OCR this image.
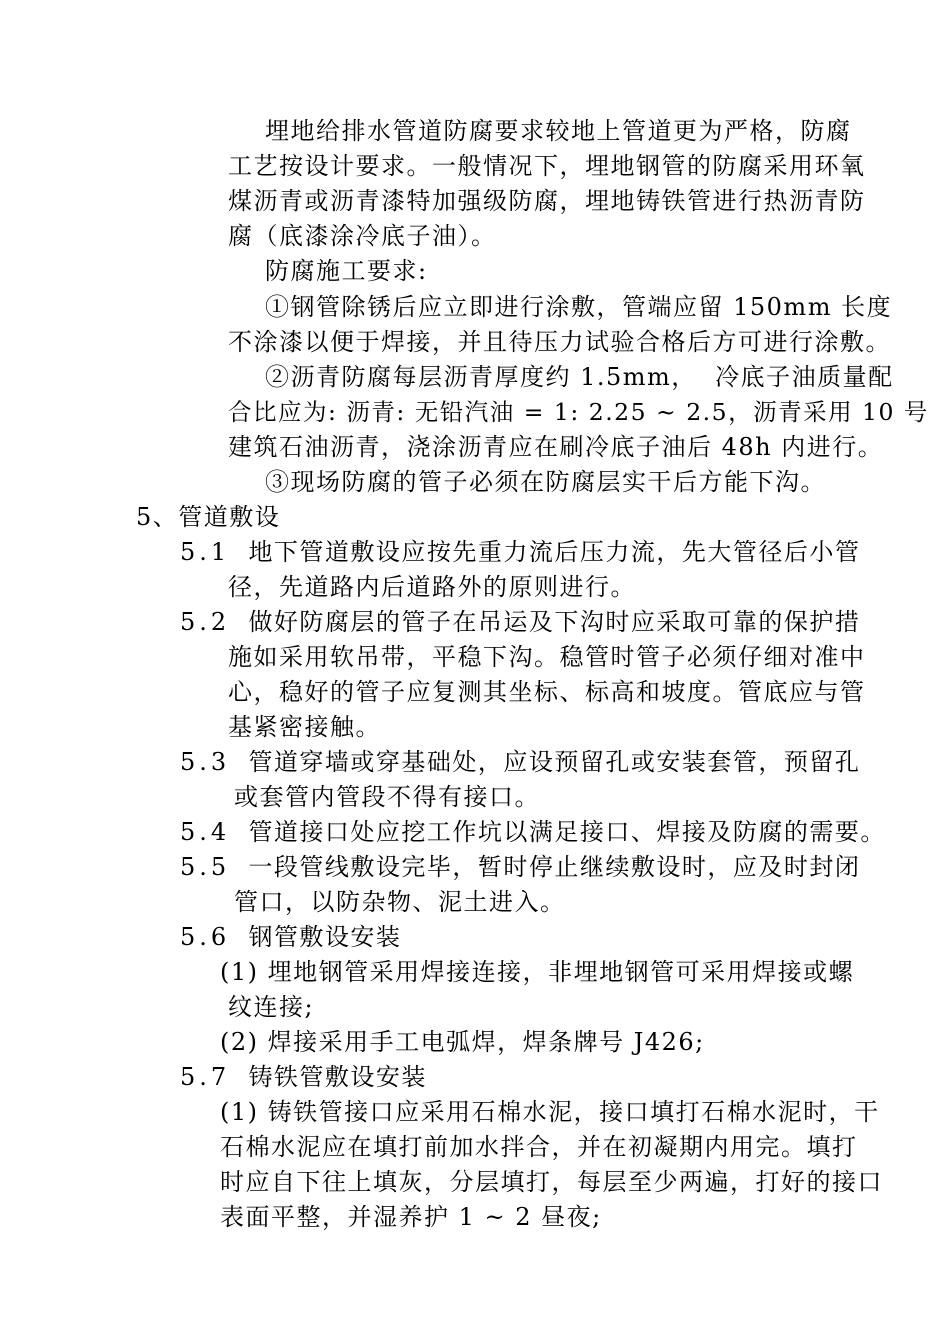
埋地给排水管道防腐要求较地上管道更为严格，防腐
工艺按设计要求。一般情况下，埋地钢管的防腐采用环氧
煤沥青或沥青漆特加强级防腐，埋地铸铁管进行热沥青防
腐（底漆涂冷底子油）。
防腐施工要求:
①钢管除锈后应立即进行涂敷，管端应留 150mm 长度
不涂漆以便于焊接，并且待压力试验合格后方可进行涂敷。
②沥青防腐每层沥青厚度约 1.5mm，  冷底子油质量配
合比应为: 沥青: 无铅汽油 = 1: 2.25 ~ 2.5，沥青采用 10 号
建筑石油沥青，浇涂沥青应在刷冷底子油后 48h 内进行。
③现场防腐的管子必须在防腐层实干后方能下沟。
5、管道敷设
5.1 地下管道敷设应按先重力流后压力流，先大管径后小管
径，先道路内后道路外的原则进行。
5.2 做好防腐层的管子在吊运及下沟时应采取可靠的保护措
施如采用软吊带，平稳下沟。稳管时管子必须仔细对准中
心，稳好的管子应复测其坐标、标高和坡度。管底应与管
基紧密接触。
5.3 管道穿墙或穿基础处，应设预留孔或安装套管，预留孔
或套管内管段不得有接口。
5.4 管道接口处应挖工作坑以满足接口、焊接及防腐的需要。
5.5 一段管线敷设完毕，暂时停止继续敷设时，应及时封闭
管口，以防杂物、泥土进入。
5.6 钢管敷设安装
(1) 埋地钢管采用焊接连接，非埋地钢管可采用焊接或螺
纹连接;
(2) 焊接采用手工电弧焊，焊条牌号 J426;
5.7 铸铁管敷设安装
(1) 铸铁管接口应采用石棉水泥，接口填打石棉水泥时，干
石棉水泥应在填打前加水拌合，并在初凝期内用完。填打
时应自下往上填灰，分层填打，每层至少两遍，打好的接口
表面平整，并湿养护 1 ~ 2 昼夜;
